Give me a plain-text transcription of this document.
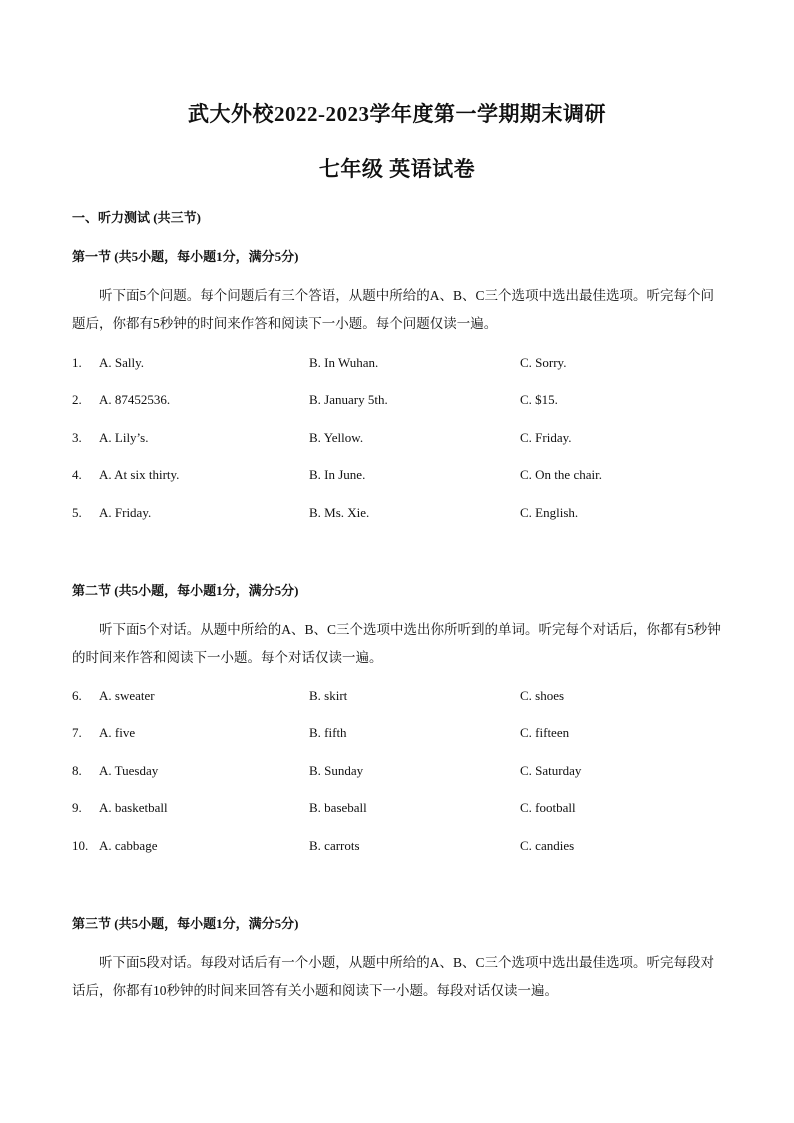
武大外校2022-2023学年度第一学期期末调研
七年级 英语试卷
一、听力测试 (共三节)
第一节 (共5小题，每小题1分，满分5分)
听下面5个问题。每个问题后有三个答语，从题中所给的A、B、C三个选项中选出最佳选项。听完每个问题后，你都有5秒钟的时间来作答和阅读下一小题。每个问题仅读一遍。
1. A. Sally.	B. In Wuhan.	C. Sorry.
2. A. 87452536.	B. January 5th.	C. $15.
3. A. Lily’s.	B. Yellow.	C. Friday.
4. A. At six thirty.	B. In June.	C. On the chair.
5. A. Friday.	B. Ms. Xie.	C. English.
第二节 (共5小题，每小题1分，满分5分)
听下面5个对话。从题中所给的A、B、C三个选项中选出你所听到的单词。听完每个对话后，你都有5秒钟的时间来作答和阅读下一小题。每个对话仅读一遍。
6. A. sweater	B. skirt	C. shoes
7. A. five	B. fifth	C. fifteen
8. A. Tuesday	B. Sunday	C. Saturday
9. A. basketball	B. baseball	C. football
10. A. cabbage	B. carrots	C. candies
第三节 (共5小题，每小题1分，满分5分)
听下面5段对话。每段对话后有一个小题，从题中所给的A、B、C三个选项中选出最佳选项。听完每段对话后，你都有10秒钟的时间来回答有关小题和阅读下一小题。每段对话仅读一遍。
